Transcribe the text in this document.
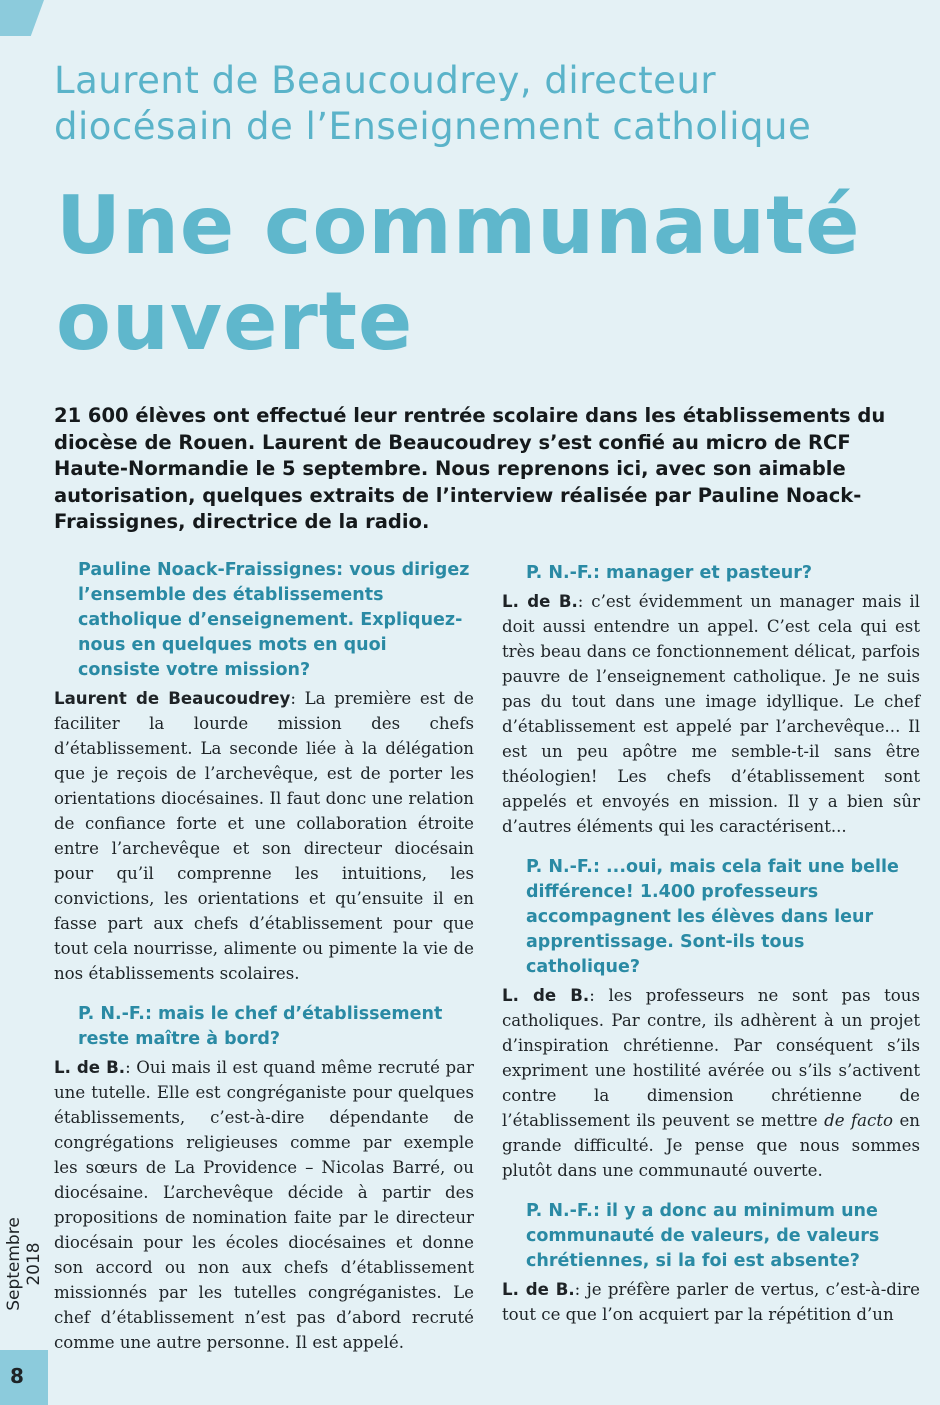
Laurent de Beaucoudrey, directeur diocésain de l’Enseignement catholique
Une communauté ouverte
21 600 élèves ont effectué leur rentrée scolaire dans les établissements du diocèse de Rouen. Laurent de Beaucoudrey s’est confié au micro de RCF Haute-Normandie le 5 septembre. Nous reprenons ici, avec son aimable autorisation, quelques extraits de l’interview réalisée par Pauline Noack-Fraissignes, directrice de la radio.
Pauline Noack-Fraissignes: vous dirigez l’ensemble des établissements catholique d’enseignement. Expliquez-nous en quelques mots en quoi consiste votre mission?
Laurent de Beaucoudrey: La première est de faciliter la lourde mission des chefs d’établissement. La seconde liée à la délégation que je reçois de l’archevêque, est de porter les orientations diocésaines. Il faut donc une relation de confiance forte et une collaboration étroite entre l’archevêque et son directeur diocésain pour qu’il comprenne les intuitions, les convictions, les orientations et qu’ensuite il en fasse part aux chefs d’établissement pour que tout cela nourrisse, alimente ou pimente la vie de nos établissements scolaires.
P. N.-F.: mais le chef d’établissement reste maître à bord?
L. de B.: Oui mais il est quand même recruté par une tutelle. Elle est congréganiste pour quelques établissements, c’est-à-dire dépendante de congrégations religieuses comme par exemple les sœurs de La Providence – Nicolas Barré, ou diocésaine. L’archevêque décide à partir des propositions de nomination faite par le directeur diocésain pour les écoles diocésaines et donne son accord ou non aux chefs d’établissement missionnés par les tutelles congréganistes. Le chef d’établissement n’est pas d’abord recruté comme une autre personne. Il est appelé.
P. N.-F.: manager et pasteur?
L. de B.: c’est évidemment un manager mais il doit aussi entendre un appel. C’est cela qui est très beau dans ce fonctionnement délicat, parfois pauvre de l’enseignement catholique. Je ne suis pas du tout dans une image idyllique. Le chef d’établissement est appelé par l’archevêque... Il est un peu apôtre me semble-t-il sans être théologien! Les chefs d’établissement sont appelés et envoyés en mission. Il y a bien sûr d’autres éléments qui les caractérisent...
P. N.-F.: ...oui, mais cela fait une belle différence! 1.400 professeurs accompagnent les élèves dans leur apprentissage. Sont-ils tous catholique?
L. de B.: les professeurs ne sont pas tous catholiques. Par contre, ils adhèrent à un projet d’inspiration chrétienne. Par conséquent s’ils expriment une hostilité avérée ou s’ils s’activent contre la dimension chrétienne de l’établissement ils peuvent se mettre de facto en grande difficulté. Je pense que nous sommes plutôt dans une communauté ouverte.
P. N.-F.: il y a donc au minimum une communauté de valeurs, de valeurs chrétiennes, si la foi est absente?
L. de B.: je préfère parler de vertus, c’est-à-dire tout ce que l’on acquiert par la répétition d’un
Septembre 2018
8
